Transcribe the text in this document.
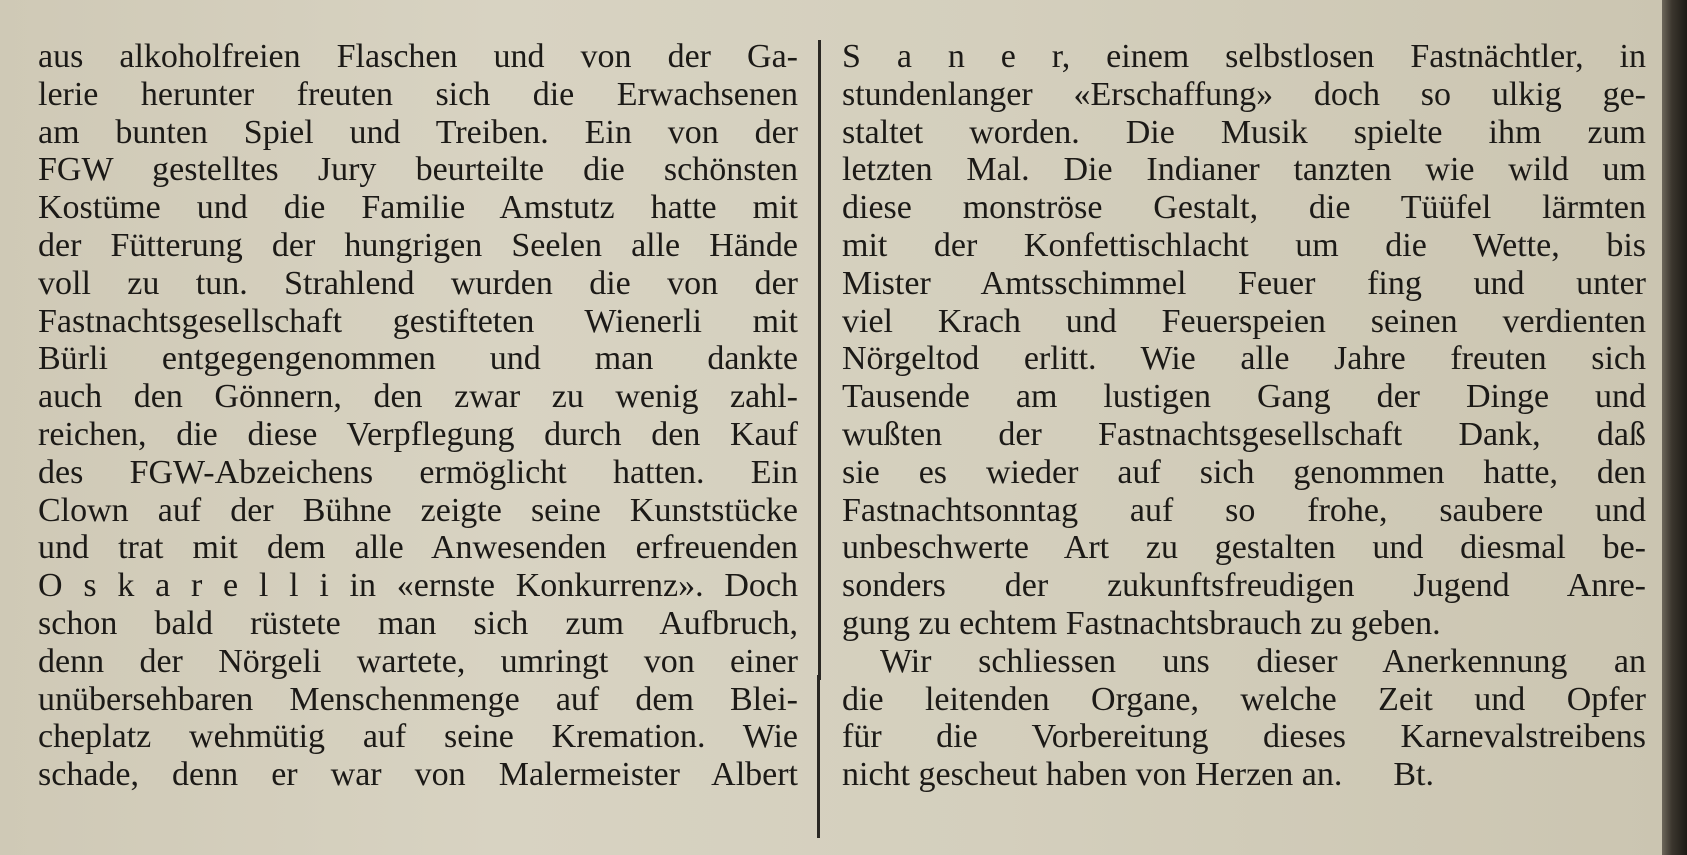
aus alkoholfreien Flaschen und von der Ga-
lerie herunter freuten sich die Erwachsenen
am bunten Spiel und Treiben. Ein von der
FGW gestelltes Jury beurteilte die schönsten
Kostüme und die Familie Amstutz hatte mit
der Fütterung der hungrigen Seelen alle Hände
voll zu tun. Strahlend wurden die von der
Fastnachtsgesellschaft gestifteten Wienerli mit
Bürli entgegengenommen und man dankte
auch den Gönnern, den zwar zu wenig zahl-
reichen, die diese Verpflegung durch den Kauf
des FGW-Abzeichens ermöglicht hatten. Ein
Clown auf der Bühne zeigte seine Kunststücke
und trat mit dem alle Anwesenden erfreuenden
O s k a r e l l i in «ernste Konkurrenz». Doch
schon bald rüstete man sich zum Aufbruch,
denn der Nörgeli wartete, umringt von einer
unübersehbaren Menschenmenge auf dem Blei-
cheplatz wehmütig auf seine Kremation. Wie
schade, denn er war von Malermeister Albert
S a n e r, einem selbstlosen Fastnächtler, in
stundenlanger «Erschaffung» doch so ulkig ge-
staltet worden. Die Musik spielte ihm zum
letzten Mal. Die Indianer tanzten wie wild um
diese monströse Gestalt, die Tüüfel lärmten
mit der Konfettischlacht um die Wette, bis
Mister Amtsschimmel Feuer fing und unter
viel Krach und Feuerspeien seinen verdienten
Nörgeltod erlitt. Wie alle Jahre freuten sich
Tausende am lustigen Gang der Dinge und
wußten der Fastnachtsgesellschaft Dank, daß
sie es wieder auf sich genommen hatte, den
Fastnachtsonntag auf so frohe, saubere und
unbeschwerte Art zu gestalten und diesmal be-
sonders der zukunftsfreudigen Jugend Anre-
gung zu echtem Fastnachtsbrauch zu geben.
Wir schliessen uns dieser Anerkennung an
die leitenden Organe, welche Zeit und Opfer
für die Vorbereitung dieses Karnevalstreibens
nicht gescheut haben von Herzen an.      Bt.
